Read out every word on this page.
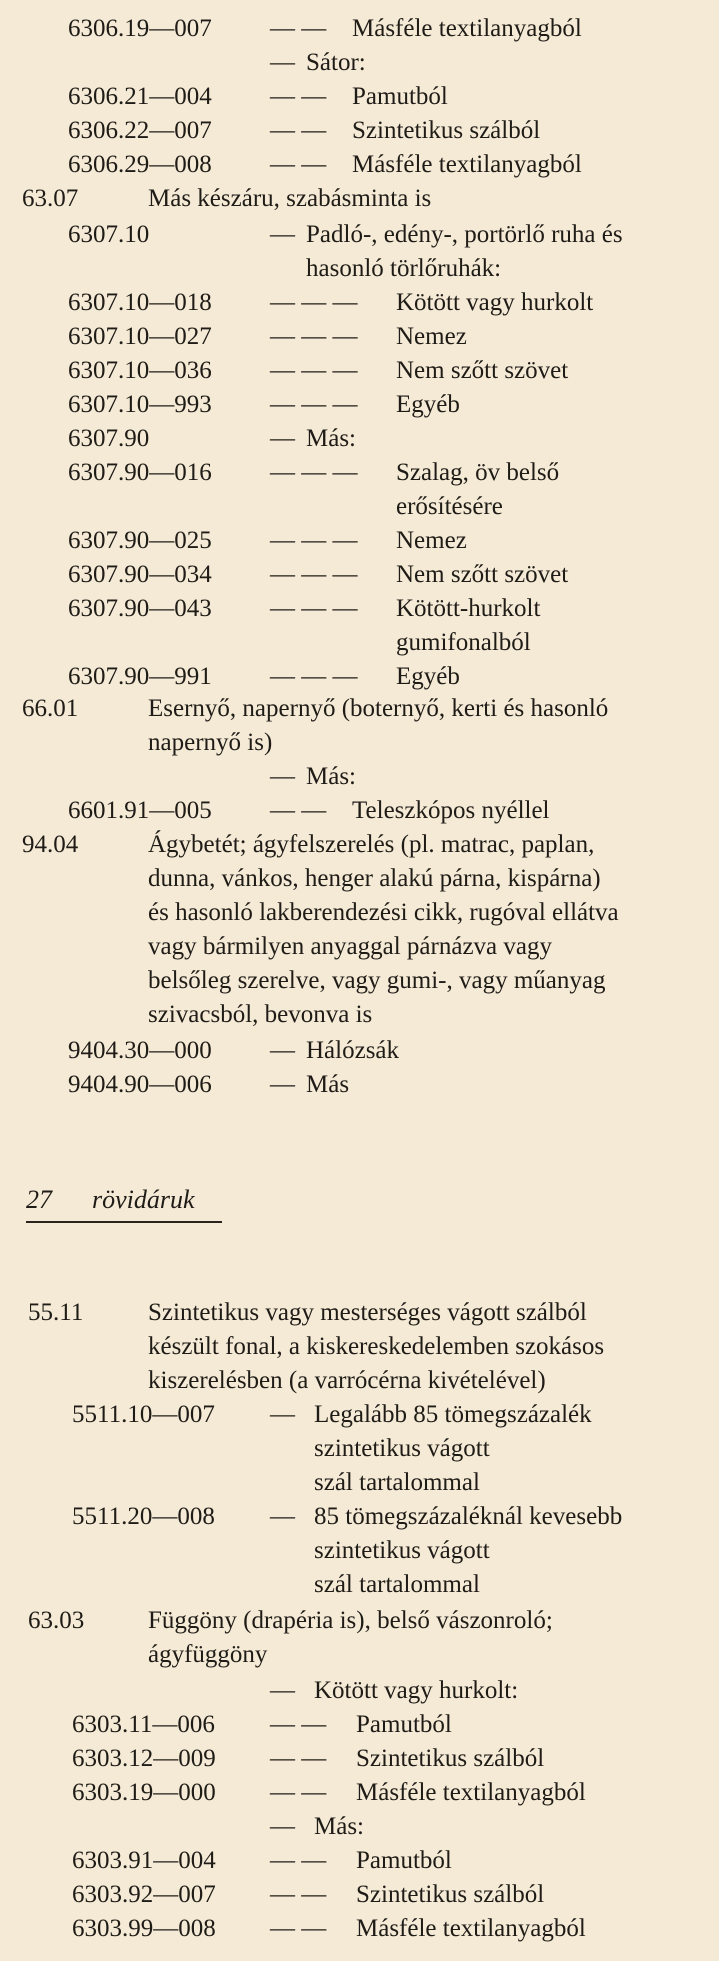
6306.19—007 — — Másféle textilanyagból
— Sátor:
6306.21—004 — — Pamutból
6306.22—007 — — Szintetikus szálból
6306.29—008 — — Másféle textilanyagból
63.07	Más készáru, szabásminta is
6307.10	— Padló-, edény-, portörlő ruha és
hasonló törlőruhák:
6307.10—018 — — — Kötött vagy hurkolt
6307.10—027 — — — Nemez
6307.10—036 — — — Nem szőtt szövet
6307.10—993 — — — Egyéb
6307.90	— Más:
6307.90—016 — — — Szalag, öv belső
erősítésére
6307.90—025 — — — Nemez
6307.90—034 — — — Nem szőtt szövet
6307.90—043 — — — Kötött-hurkolt
gumifonalból
6307.90—991 — — — Egyéb
66.01	Esernyő, napernyő (boternyő, kerti és hasonló
napernyő is)
— Más:
6601.91—005 — — Teleszkópos nyéllel
94.04	Ágybetét; ágyfelszerelés (pl. matrac, paplan,
dunna, vánkos, henger alakú párna, kispárna)
és hasonló lakberendezési cikk, rugóval ellátva
vagy bármilyen anyaggal párnázva vagy
belsőleg szerelve, vagy gumi-, vagy műanyag
szivacsból, bevonva is
9404.30—000 — Hálózsák
9404.90—006 — Más
27 rövidáruk
55.11	Szintetikus vagy mesterséges vágott szálból
készült fonal, a kiskereskedelemben szokásos
kiszerelésben (a varrócérna kivételével)
5511.10—007 — Legalább 85 tömegszázalék
szintetikus vágott
szál tartalommal
5511.20—008 — 85 tömegszázaléknál kevesebb
szintetikus vágott
szál tartalommal
63.03	Függöny (drapéria is), belső vászonroló;
ágyfüggöny
— Kötött vagy hurkolt:
6303.11—006 — — Pamutból
6303.12—009 — — Szintetikus szálból
6303.19—000 — — Másféle textilanyagból
— Más:
6303.91—004 — — Pamutból
6303.92—007 — — Szintetikus szálból
6303.99—008 — — Másféle textilanyagból
